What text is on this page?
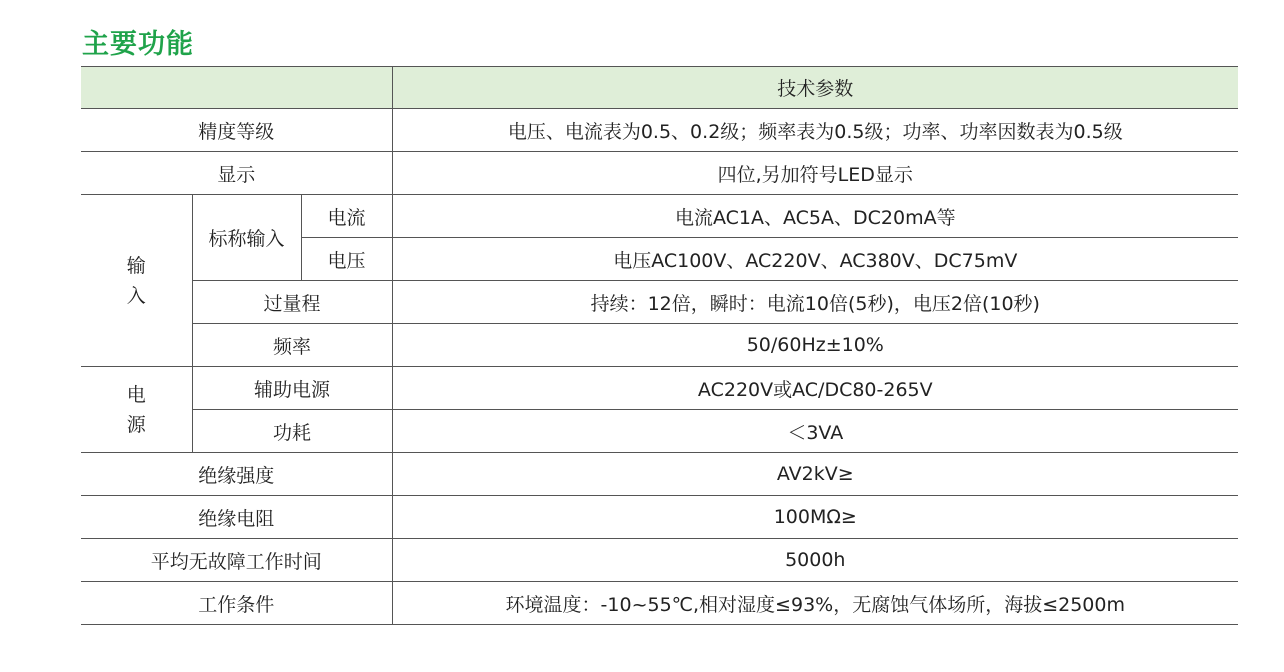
主要功能
			技术参数
精度等级			电压、电流表为0.5、0.2级；频率表为0.5级；功率、功率因数表为0.5级
显示			四位,另加符号LED显示

输
入	标称输入	电流	电流AC1A、AC5A、DC20mA等
		电压	电压AC100V、AC220V、AC380V、DC75mV
	过量程		持续：12倍，瞬时：电流10倍(5秒)，电压2倍(10秒)
	频率		50/60Hz±10%

电
源	辅助电源		AC220V或AC/DC80-265V
	功耗		＜3VA
绝缘强度			AV2kV≥
绝缘电阻			100MΩ≥
平均无故障工作时间			5000h
工作条件			环境温度：-10~55℃,相对湿度≤93%，无腐蚀气体场所，海拔≤2500m
